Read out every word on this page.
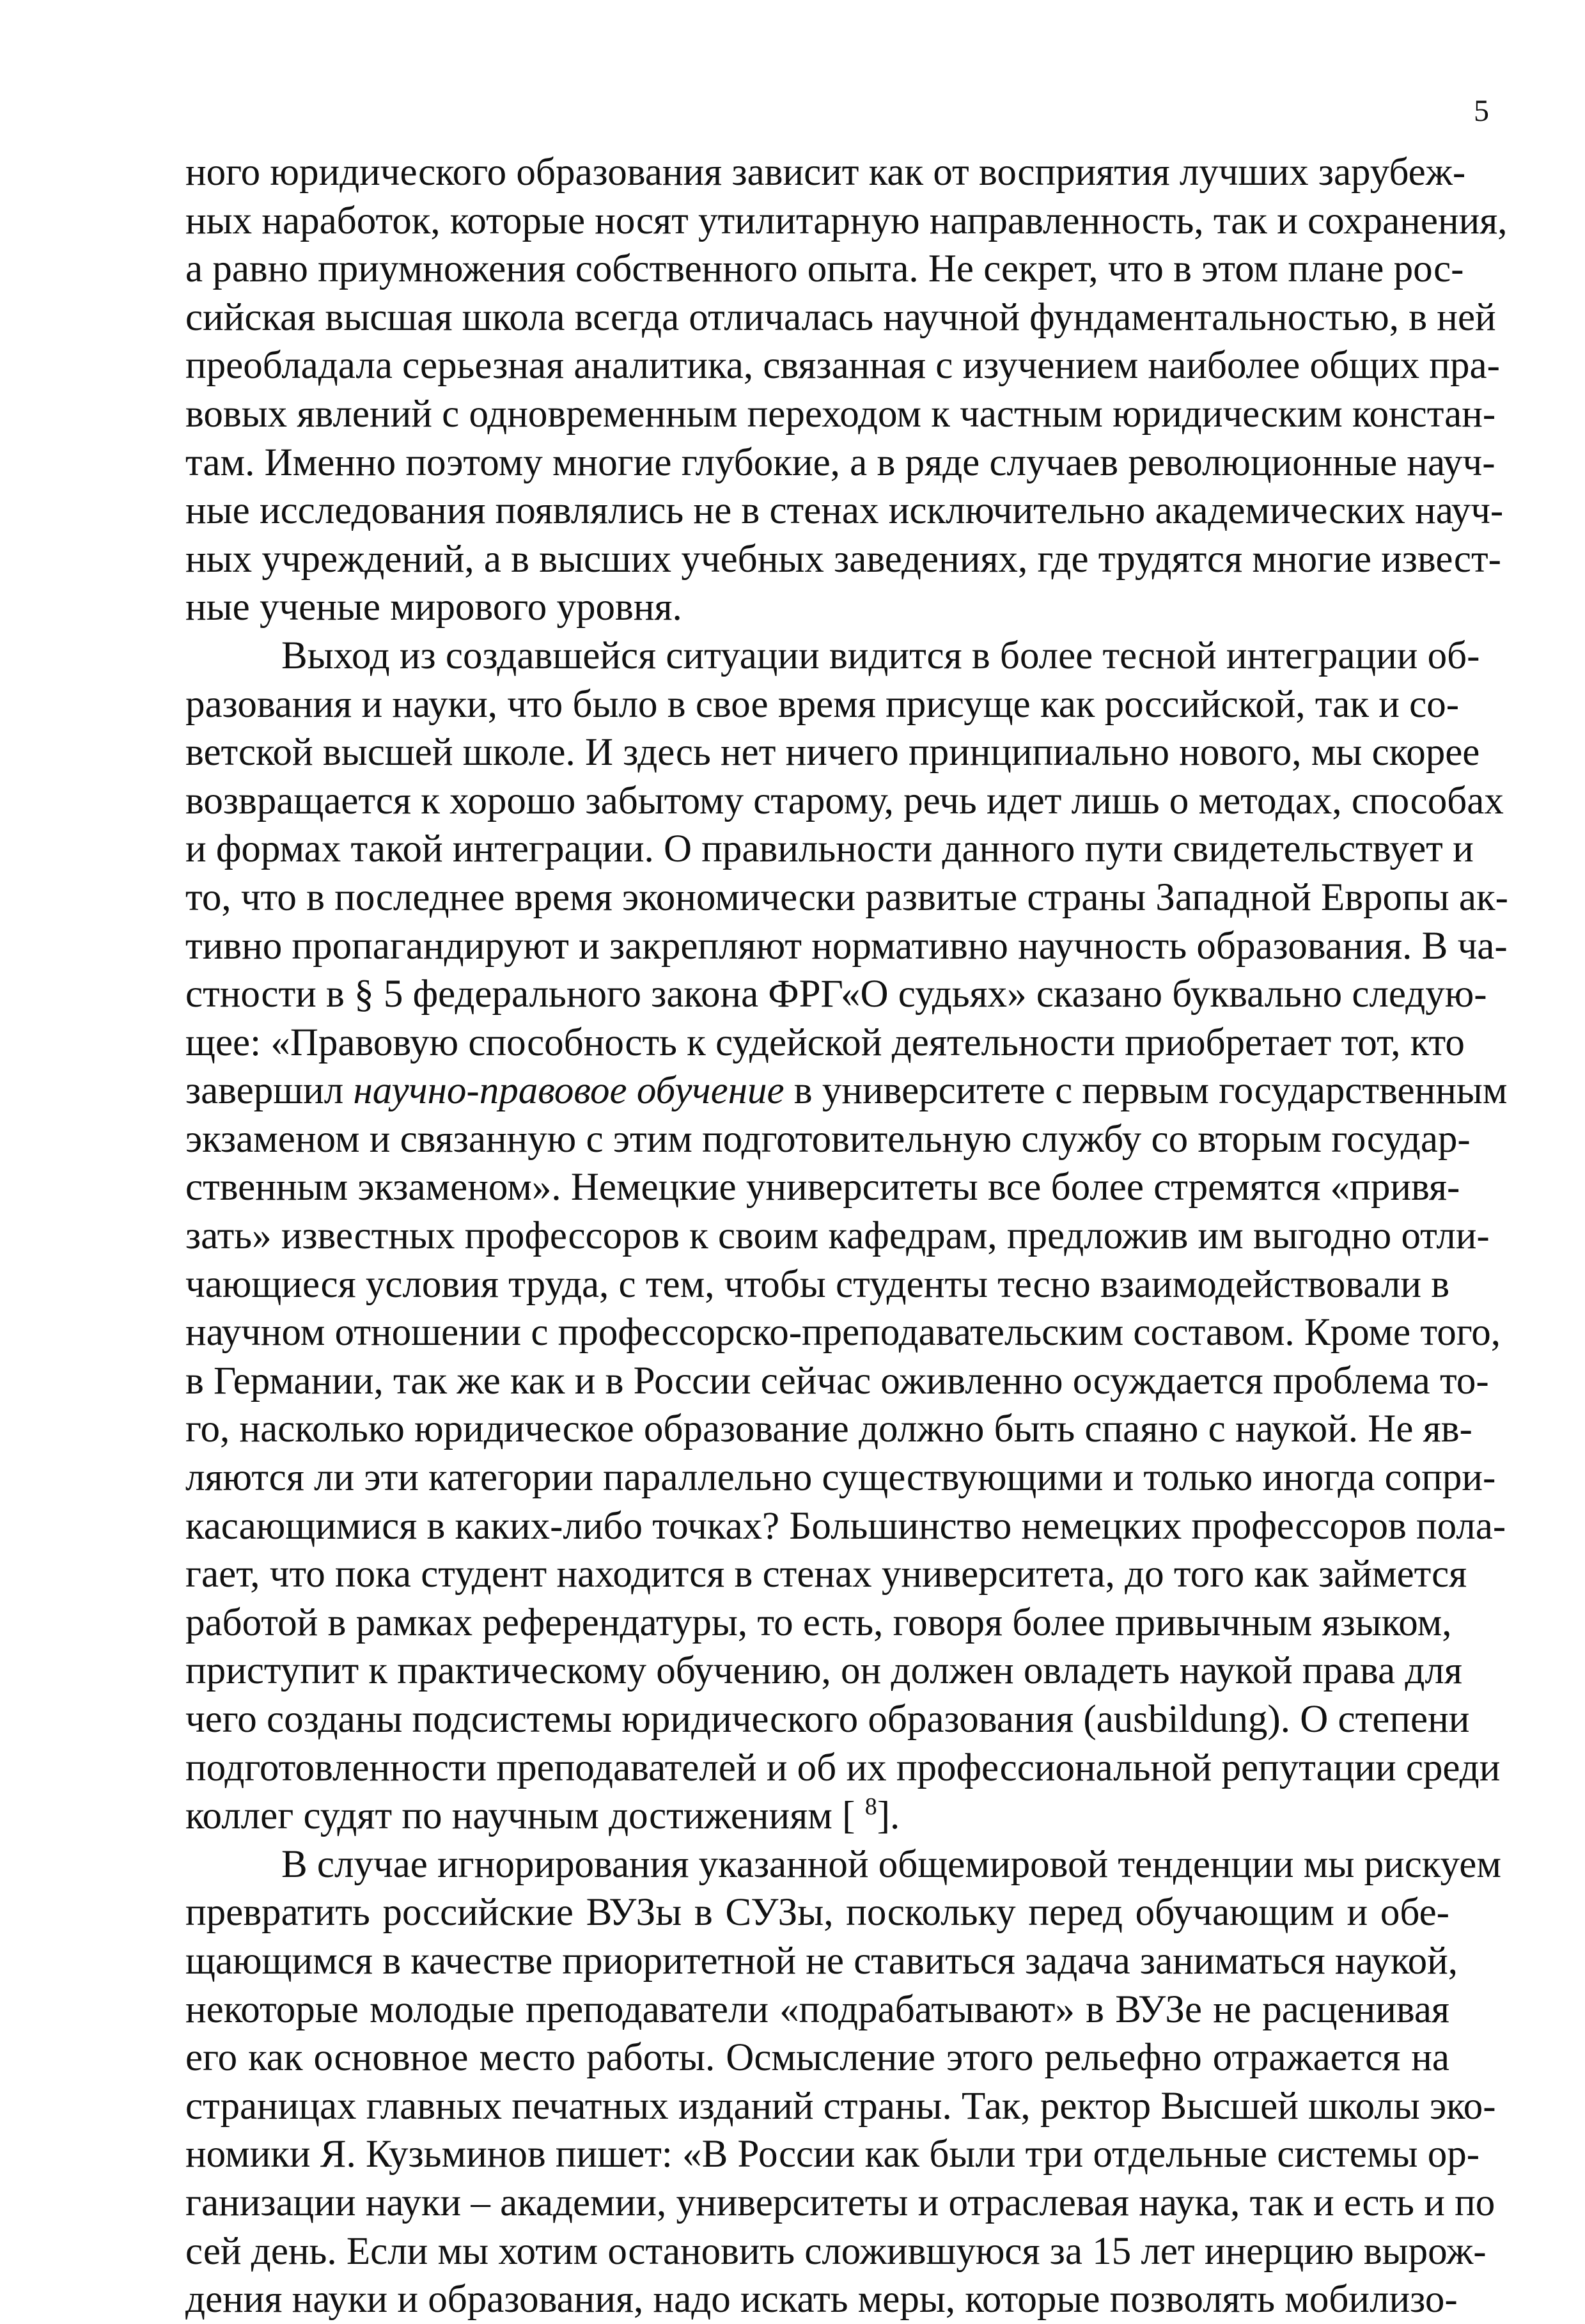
5
ного юридического образования зависит как от восприятия лучших зарубеж-
ных наработок, которые носят утилитарную направленность, так и сохранения,
а равно приумножения собственного опыта. Не секрет, что в этом плане рос-
сийская высшая школа всегда отличалась научной фундаментальностью, в ней
преобладала серьезная аналитика, связанная с изучением наиболее общих пра-
вовых явлений с одновременным переходом к частным юридическим констан-
там. Именно поэтому многие глубокие, а в ряде случаев революционные науч-
ные исследования появлялись не в стенах исключительно академических науч-
ных учреждений, а в высших учебных заведениях, где трудятся многие извест-
ные ученые мирового уровня.
Выход из создавшейся ситуации видится в более тесной интеграции об-
разования и науки, что было в свое время присуще как российской, так и со-
ветской высшей школе. И здесь нет ничего принципиально нового, мы скорее
возвращается к хорошо забытому старому, речь идет лишь о методах, способах
и формах такой интеграции. О правильности данного пути свидетельствует и
то, что в последнее время экономически развитые страны Западной Европы ак-
тивно пропагандируют и закрепляют нормативно научность образования. В ча-
стности в § 5 федерального закона ФРГ«О судьях» сказано буквально следую-
щее: «Правовую способность к судейской деятельности приобретает тот, кто
завершил научно-правовое обучение в университете с первым государственным
экзаменом и связанную с этим подготовительную службу со вторым государ-
ственным экзаменом». Немецкие университеты все более стремятся «привя-
зать» известных профессоров к своим кафедрам, предложив им выгодно отли-
чающиеся условия труда, с тем, чтобы студенты тесно взаимодействовали в
научном отношении с профессорско-преподавательским составом. Кроме того,
в Германии, так же как и в России сейчас оживленно осуждается проблема то-
го, насколько юридическое образование должно быть спаяно с наукой. Не яв-
ляются ли эти категории параллельно существующими и только иногда сопри-
касающимися в каких-либо точках? Большинство немецких профессоров пола-
гает, что пока студент находится в стенах университета, до того как займется
работой в рамках референдатуры, то есть, говоря более привычным языком,
приступит к практическому обучению, он должен овладеть наукой права для
чего созданы подсистемы юридического образования (ausbildung). О степени
подготовленности преподавателей и об их профессиональной репутации среди
коллег судят по научным достижениям [ $^8$].
В случае игнорирования указанной общемировой тенденции мы рискуем
превратить российские ВУЗы в СУЗы, поскольку перед обучающим и обе-
щающимся в качестве приоритетной не ставиться задача заниматься наукой,
некоторые молодые преподаватели «подрабатывают» в ВУЗе не расценивая
его как основное место работы. Осмысление этого рельефно отражается на
страницах главных печатных изданий страны. Так, ректор Высшей школы эко-
номики Я. Кузьминов пишет: «В России как были три отдельные системы ор-
ганизации науки – академии, университеты и отраслевая наука, так и есть и по
сей день. Если мы хотим остановить сложившуюся за 15 лет инерцию вырож-
дения науки и образования, надо искать меры, которые позволять мобилизо-
